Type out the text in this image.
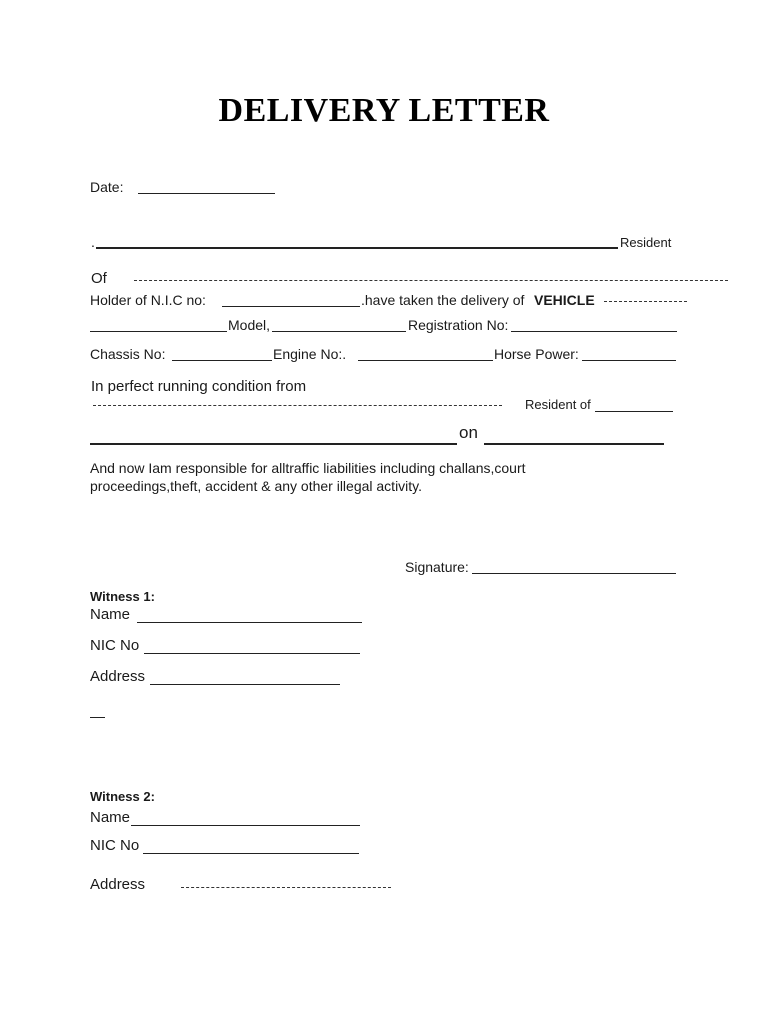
DELIVERY LETTER
Date:
.	Resident
Of
Holder of N.I.C no:	.have taken the delivery of VEHICLE
Model,	Registration No:
Chassis No:	Engine No:.	Horse Power:
In perfect running condition from
Resident of
on
And now Iam responsible for alltraffic liabilities including challans,court
proceedings,theft, accident & any other illegal activity.
Signature:
Witness 1:
Name
NIC No
Address
Witness 2:
Name
NIC No
Address
